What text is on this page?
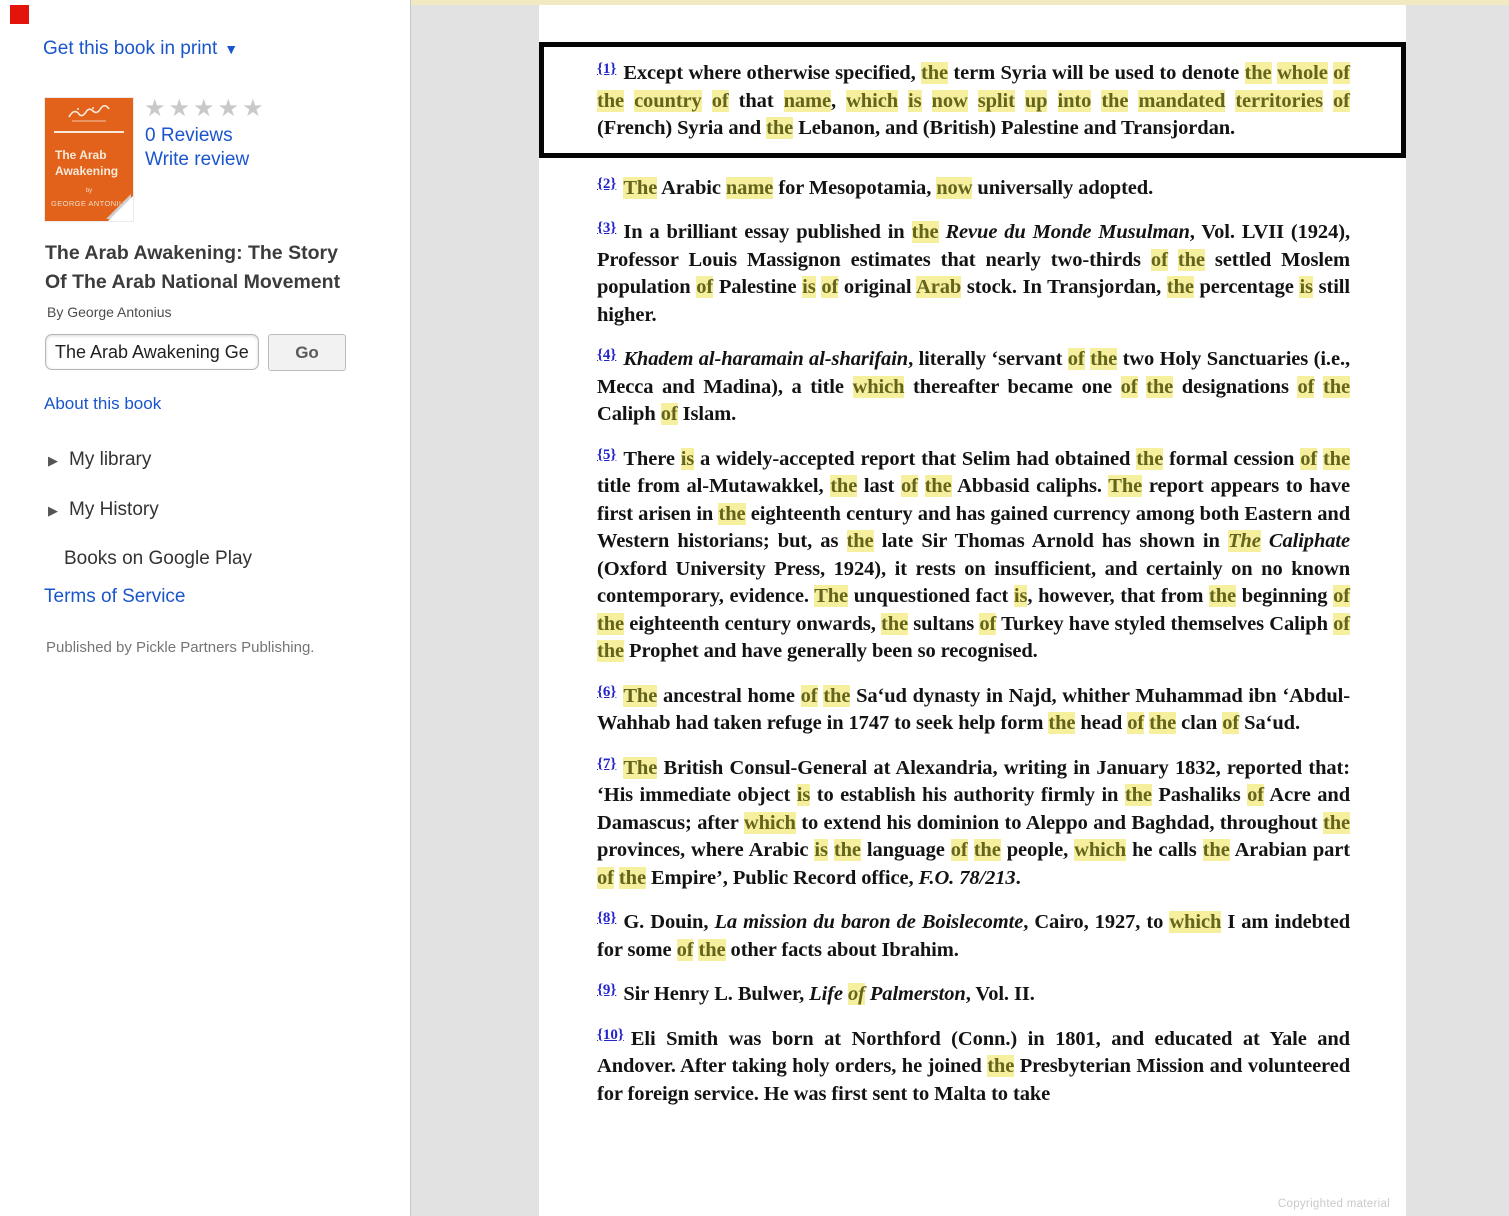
Get this book in print ▼
The Arab
Awakening
by
GEORGE ANTONIUS
★★★★★
0 Reviews
Write review
The Arab Awakening: The Story Of The Arab National Movement
By George Antonius
The Arab Awakening George
Go
About this book
▶ My library
▶ My History
Books on Google Play
Terms of Service
Published by Pickle Partners Publishing.

$^{\{1\}}$ Except where otherwise specified, the term Syria will be used to denote the whole of the country of that name, which is now split up into the mandated territories of (French) Syria and the Lebanon, and (British) Palestine and Transjordan.

$^{\{2\}}$ The Arabic name for Mesopotamia, now universally adopted.

$^{\{3\}}$ In a brilliant essay published in the Revue du Monde Musulman, Vol. LVII (1924), Professor Louis Massignon estimates that nearly two-thirds of the settled Moslem population of Palestine is of original Arab stock. In Transjordan, the percentage is still higher.

$^{\{4\}}$ Khadem al-haramain al-sharifain, literally ‘servant of the two Holy Sanctuaries (i.e., Mecca and Madina), a title which thereafter became one of the designations of the Caliph of Islam.

$^{\{5\}}$ There is a widely-accepted report that Selim had obtained the formal cession of the title from al-Mutawakkel, the last of the Abbasid caliphs. The report appears to have first arisen in the eighteenth century and has gained currency among both Eastern and Western historians; but, as the late Sir Thomas Arnold has shown in The Caliphate (Oxford University Press, 1924), it rests on insufficient, and certainly on no known contemporary, evidence. The unquestioned fact is, however, that from the beginning of the eighteenth century onwards, the sultans of Turkey have styled themselves Caliph of the Prophet and have generally been so recognised.

$^{\{6\}}$ The ancestral home of the Sa‘ud dynasty in Najd, whither Muhammad ibn ‘Abdul-Wahhab had taken refuge in 1747 to seek help form the head of the clan of Sa‘ud.

$^{\{7\}}$ The British Consul-General at Alexandria, writing in January 1832, reported that: ‘His immediate object is to establish his authority firmly in the Pashaliks of Acre and Damascus; after which to extend his dominion to Aleppo and Baghdad, throughout the provinces, where Arabic is the language of the people, which he calls the Arabian part of the Empire’, Public Record office, F.O. 78/213.

$^{\{8\}}$ G. Douin, La mission du baron de Boislecomte, Cairo, 1927, to which I am indebted for some of the other facts about Ibrahim.

$^{\{9\}}$ Sir Henry L. Bulwer, Life of Palmerston, Vol. II.

$^{\{10\}}$ Eli Smith was born at Northford (Conn.) in 1801, and educated at Yale and Andover. After taking holy orders, he joined the Presbyterian Mission and volunteered for foreign service. He was first sent to Malta to take

Copyrighted material
